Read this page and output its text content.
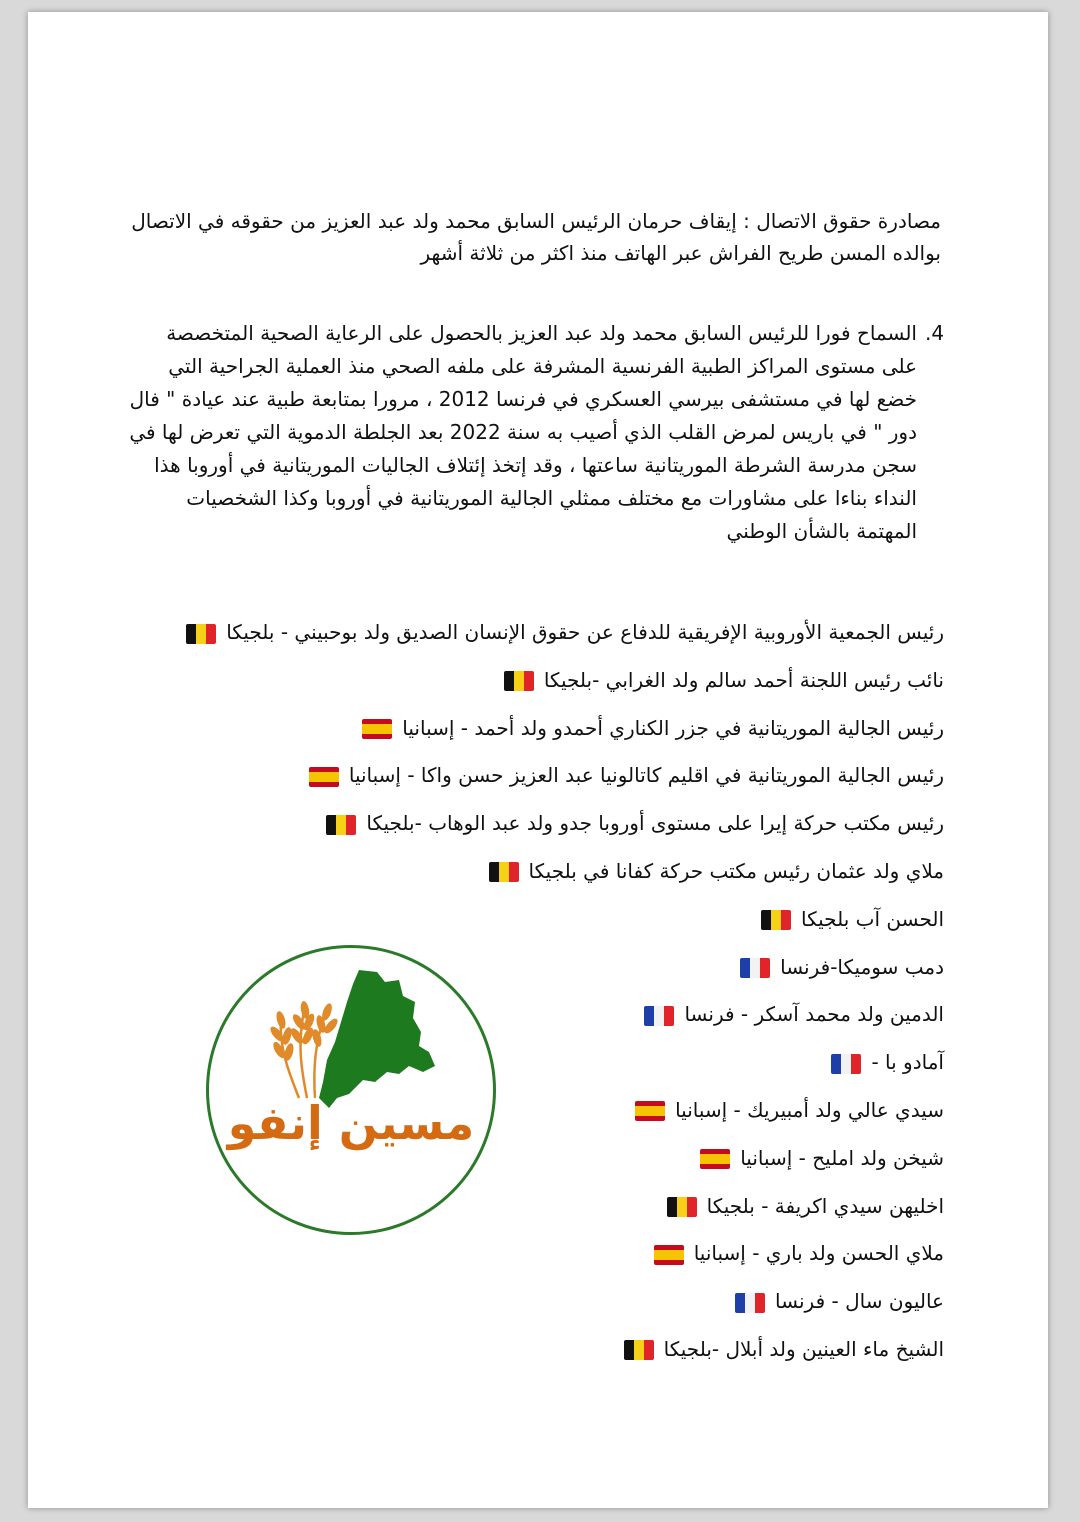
مصادرة حقوق الاتصال : إيقاف حرمان الرئيس السابق محمد ولد عبد العزيز من حقوقه في الاتصال بوالده المسن طريح الفراش عبر الهاتف منذ اكثر من ثلاثة أشهر
4.
السماح فورا للرئيس السابق محمد ولد عبد العزيز بالحصول على الرعاية الصحية المتخصصة على مستوى المراكز الطبية الفرنسية المشرفة على ملفه الصحي منذ العملية الجراحية التي خضع لها في مستشفى بيرسي العسكري في فرنسا 2012 ، مرورا بمتابعة طبية عند عيادة " فال دور " في باريس لمرض القلب الذي أصيب به سنة 2022 بعد الجلطة الدموية التي تعرض لها في سجن مدرسة الشرطة الموريتانية ساعتها ، وقد إتخذ إئتلاف الجاليات الموريتانية في أوروبا هذا النداء بناءا على مشاورات مع مختلف ممثلي الجالية الموريتانية في أوروبا وكذا الشخصيات المهتمة بالشأن الوطني
رئيس الجمعية الأوروبية الإفريقية للدفاع عن حقوق الإنسان الصديق ولد بوحبيني - بلجيكا
نائب رئيس اللجنة أحمد سالم ولد الغرابي -بلجيكا
رئيس الجالية الموريتانية في جزر الكناري أحمدو ولد أحمد - إسبانيا
رئيس الجالية الموريتانية في اقليم كاتالونيا عبد العزيز حسن واكا - إسبانيا
رئيس مكتب حركة إيرا على مستوى أوروبا جدو ولد عبد الوهاب -بلجيكا
ملاي ولد عثمان رئيس مكتب حركة كفانا في بلجيكا
الحسن آب بلجيكا
دمب سوميكا-فرنسا
الدمين ولد محمد آسكر - فرنسا
آمادو با -
سيدي عالي ولد أمبيريك - إسبانيا
شيخن ولد امليح - إسبانيا
اخليهن سيدي اكريفة - بلجيكا
ملاي الحسن ولد باري - إسبانيا
عاليون سال - فرنسا
الشيخ ماء العينين ولد أبلال -بلجيكا
مسين إنفو
